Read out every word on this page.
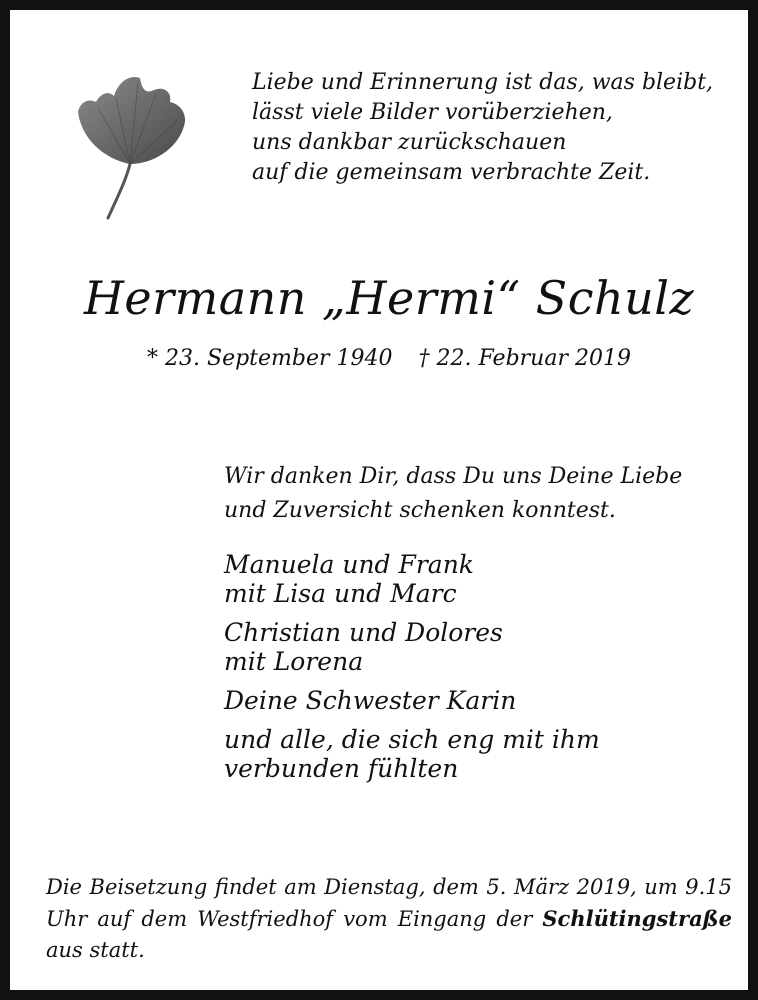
Liebe und Erinnerung ist das, was bleibt,
lässt viele Bilder vorüberziehen,
uns dankbar zurückschauen
auf die gemeinsam verbrachte Zeit.
Hermann „Hermi“ Schulz
* 23. September 1940 † 22. Februar 2019
Wir danken Dir, dass Du uns Deine Liebe
und Zuversicht schenken konntest.
Manuela und Frank
mit Lisa und Marc
Christian und Dolores
mit Lorena
Deine Schwester Karin
und alle, die sich eng mit ihm
verbunden fühlten

Die Beisetzung findet am Dienstag, dem 5. März 2019, um 9.15 Uhr auf dem Westfriedhof vom Eingang der Schlütingstraße aus statt.
